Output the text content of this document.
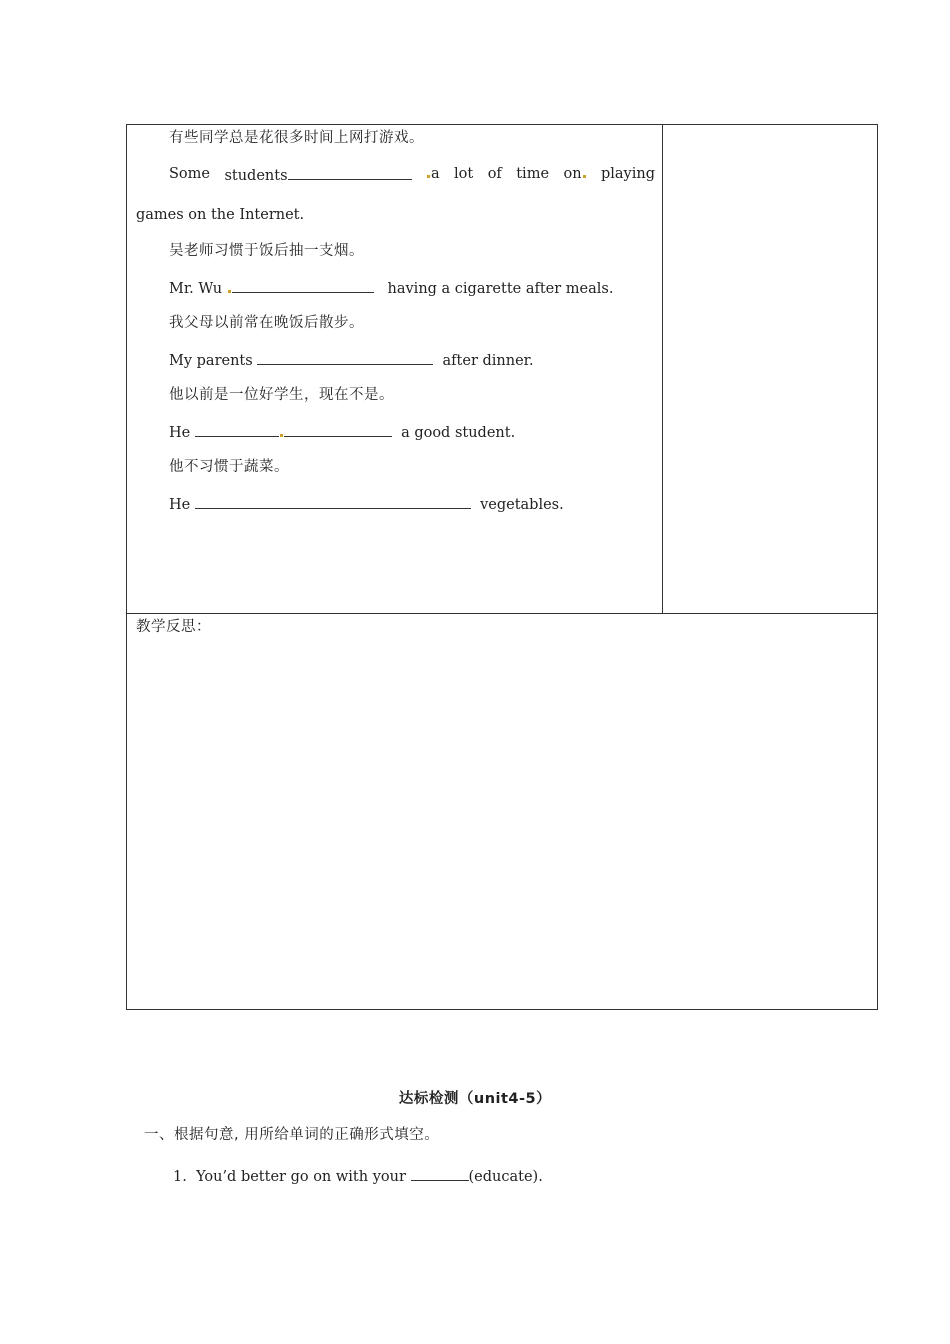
有些同学总是花很多时间上网打游戏。
Some students	a lot of time on	playing
games on the Internet.
吴老师习惯于饭后抽一支烟。
Mr. Wu	having a cigarette after meals.
我父母以前常在晚饭后散步。
My parents	after dinner.
他以前是一位好学生，现在不是。
He	a good student.
他不习惯于蔬菜。
He	vegetables.
教学反思：
达标检测（unit4-5）
一、根据句意, 用所给单词的正确形式填空。
1. You’d better go on with your	(educate).
